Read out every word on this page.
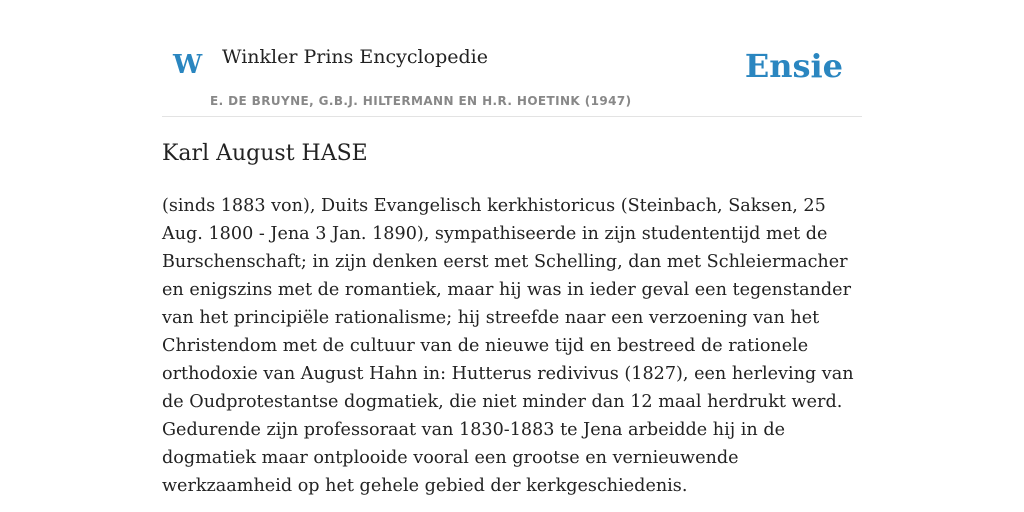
W Winkler Prins Encyclopedie
E. DE BRUYNE, G.B.J. HILTERMANN EN H.R. HOETINK (1947)
Ensie
Karl August HASE

(sinds 1883 von), Duits Evangelisch kerkhistoricus (Steinbach, Saksen, 25 Aug. 1800 - Jena 3 Jan. 1890), sympathiseerde in zijn studententijd met de Burschenschaft; in zijn denken eerst met Schelling, dan met Schleiermacher en enigszins met de romantiek, maar hij was in ieder geval een tegenstander van het principiële rationalisme; hij streefde naar een verzoening van het Christendom met de cultuur van de nieuwe tijd en bestreed de rationele orthodoxie van August Hahn in: Hutterus redivivus (1827), een herleving van de Oudprotestantse dogmatiek, die niet minder dan 12 maal herdrukt werd. Gedurende zijn professoraat van 1830-1883 te Jena arbeidde hij in de dogmatiek maar ontplooide vooral een grootse en vernieuwende werkzaamheid op het gehele gebied der kerkgeschiedenis.
